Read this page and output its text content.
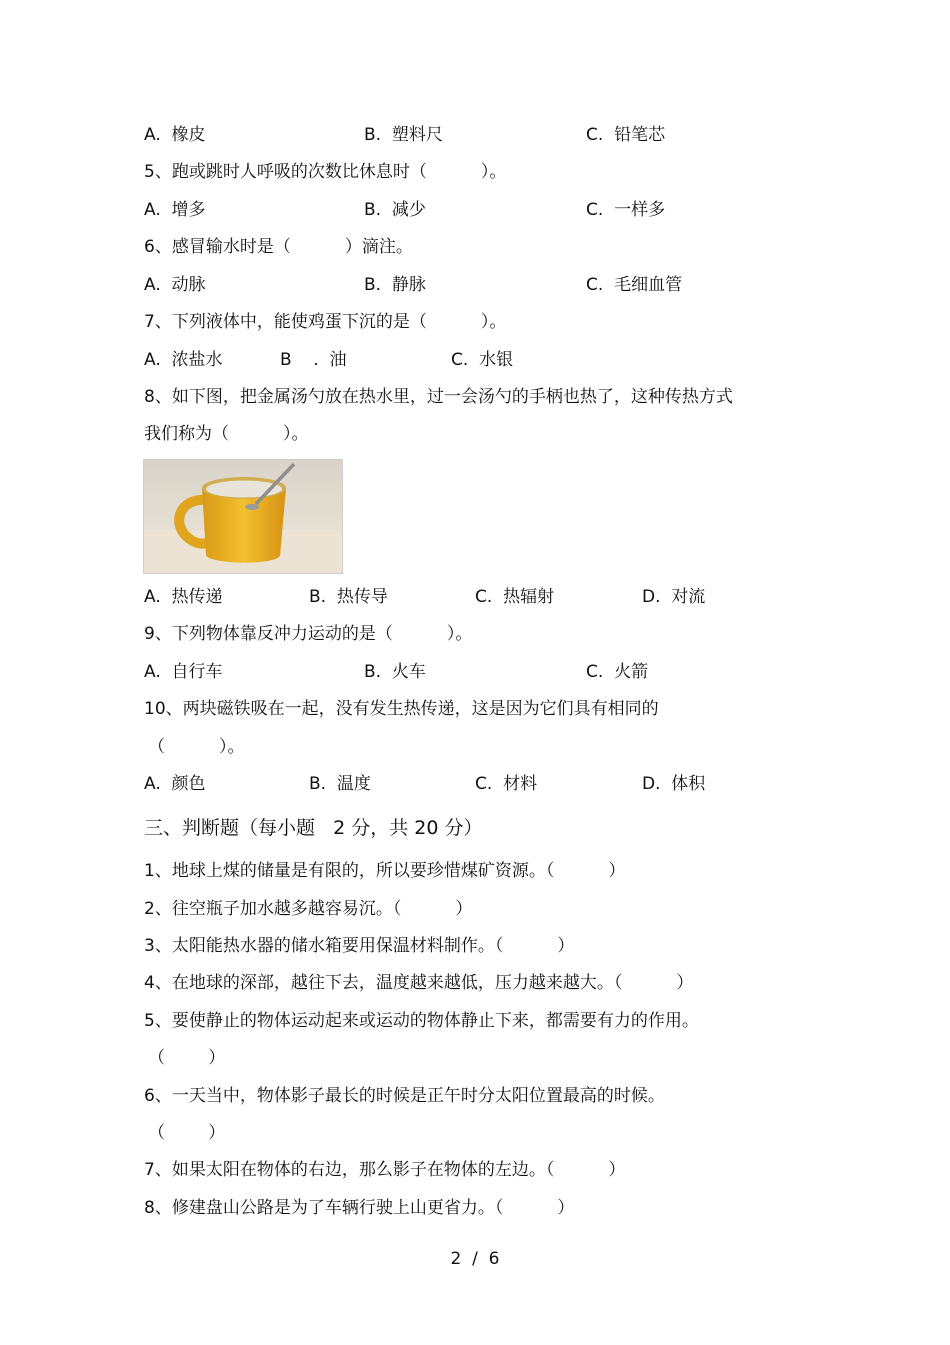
A.  橡皮	B.  塑料尺	C.  铅笔芯
5、跑或跳时人呼吸的次数比休息时（          ）。
A.  增多	B.  减少	C.  一样多
6、感冒输水时是（          ）滴注。
A.  动脉	B.  静脉	C.  毛细血管
7、下列液体中，能使鸡蛋下沉的是（          ）。
A.  浓盐水	B    .  油	C.  水银
8、如下图，把金属汤勺放在热水里，过一会汤勺的手柄也热了，这种传热方式
我们称为（          ）。
A.  热传递	B.  热传导	C.  热辐射	D.  对流
9、下列物体靠反冲力运动的是（          ）。
A.  自行车	B.  火车	C.  火箭
10、两块磁铁吸在一起，没有发生热传递，这是因为它们具有相同的
（          ）。
A.  颜色	B.  温度	C.  材料	D.  体积
三、判断题（每小题   2 分，共 20 分）
1、地球上煤的储量是有限的，所以要珍惜煤矿资源。（          ）
2、往空瓶子加水越多越容易沉。（          ）
3、太阳能热水器的储水箱要用保温材料制作。（          ）
4、在地球的深部，越往下去，温度越来越低，压力越来越大。（          ）
5、要使静止的物体运动起来或运动的物体静止下来，都需要有力的作用。
（        ）
6、一天当中，物体影子最长的时候是正午时分太阳位置最高的时候。
（        ）
7、如果太阳在物体的右边，那么影子在物体的左边。（          ）
8、修建盘山公路是为了车辆行驶上山更省力。（          ）
2  /  6
